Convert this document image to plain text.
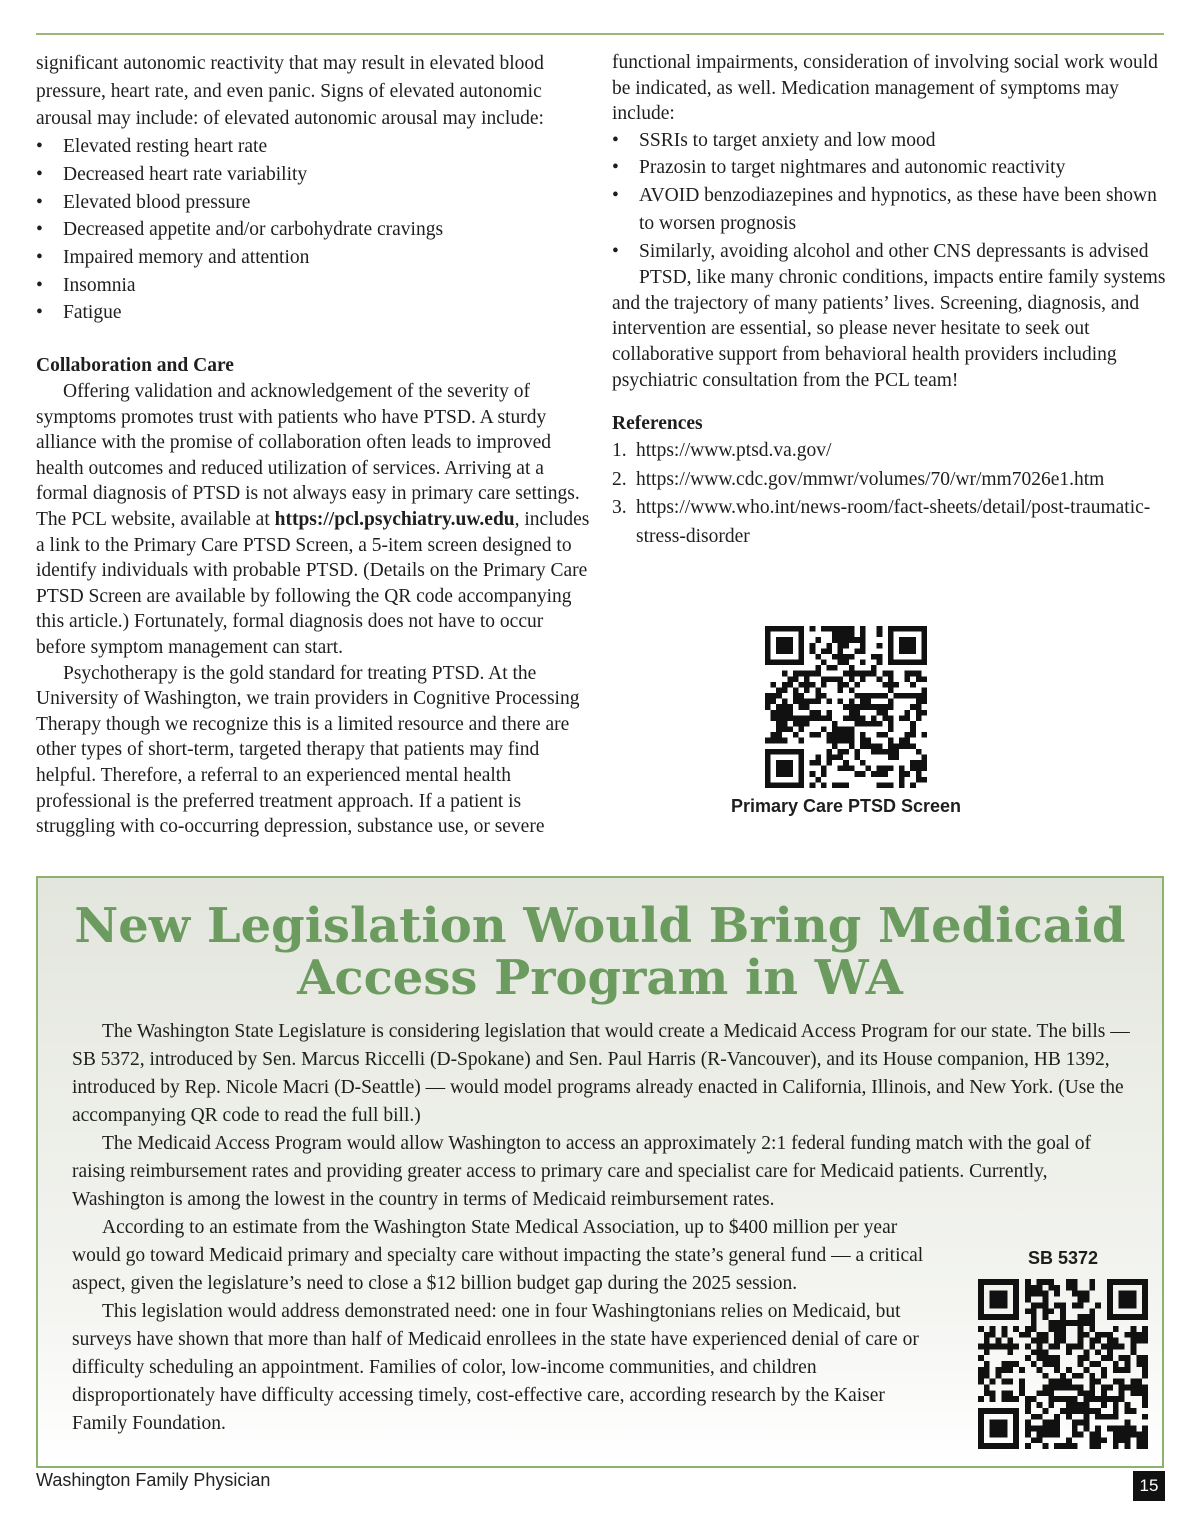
significant autonomic reactivity that may result in elevated blood pressure, heart rate, and even panic. Signs of elevated autonomic arousal may include: of elevated autonomic arousal may include:

• Elevated resting heart rate
• Decreased heart rate variability
• Elevated blood pressure
• Decreased appetite and/or carbohydrate cravings
• Impaired memory and attention
• Insomnia
• Fatigue
Collaboration and Care

Offering validation and acknowledgement of the severity of symptoms promotes trust with patients who have PTSD. A sturdy alliance with the promise of collaboration often leads to improved health outcomes and reduced utilization of services. Arriving at a formal diagnosis of PTSD is not always easy in primary care settings. The PCL website, available at https://pcl.psychiatry.uw.edu, includes a link to the Primary Care PTSD Screen, a 5-item screen designed to identify individuals with probable PTSD. (Details on the Primary Care PTSD Screen are available by following the QR code accompanying this article.) Fortunately, formal diagnosis does not have to occur before symptom management can start.

Psychotherapy is the gold standard for treating PTSD. At the University of Washington, we train providers in Cognitive Processing Therapy though we recognize this is a limited resource and there are other types of short-term, targeted therapy that patients may find helpful. Therefore, a referral to an experienced mental health professional is the preferred treatment approach. If a patient is struggling with co-occurring depression, substance use, or severe

functional impairments, consideration of involving social work would be indicated, as well. Medication management of symptoms may include:

• SSRIs to target anxiety and low mood
• Prazosin to target nightmares and autonomic reactivity
• AVOID benzodiazepines and hypnotics, as these have been shown to worsen prognosis
• Similarly, avoiding alcohol and other CNS depressants is advised

PTSD, like many chronic conditions, impacts entire family systems and the trajectory of many patients’ lives. Screening, diagnosis, and intervention are essential, so please never hesitate to seek out collaborative support from behavioral health providers including psychiatric consultation from the PCL team!

References
1. https://www.ptsd.va.gov/
2. https://www.cdc.gov/mmwr/volumes/70/wr/mm7026e1.htm
3. https://www.who.int/news-room/fact-sheets/detail/post-traumatic-stress-disorder
Primary Care PTSD Screen
New Legislation Would Bring Medicaid
Access Program in WA

The Washington State Legislature is considering legislation that would create a Medicaid Access Program for our state. The bills — SB 5372, introduced by Sen. Marcus Riccelli (D-Spokane) and Sen. Paul Harris (R-Vancouver), and its House companion, HB 1392, introduced by Rep. Nicole Macri (D-Seattle) — would model programs already enacted in California, Illinois, and New York. (Use the accompanying QR code to read the full bill.)

The Medicaid Access Program would allow Washington to access an approximately 2:1 federal funding match with the goal of raising reimbursement rates and providing greater access to primary care and specialist care for Medicaid patients. Currently, Washington is among the lowest in the country in terms of Medicaid reimbursement rates.

According to an estimate from the Washington State Medical Association, up to $400 million per year would go toward Medicaid primary and specialty care without impacting the state’s general fund — a critical aspect, given the legislature’s need to close a $12 billion budget gap during the 2025 session.

This legislation would address demonstrated need: one in four Washingtonians relies on Medicaid, but surveys have shown that more than half of Medicaid enrollees in the state have experienced denial of care or difficulty scheduling an appointment. Families of color, low-income communities, and children disproportionately have difficulty accessing timely, cost-effective care, according research by the Kaiser Family Foundation.

SB 5372
Washington Family Physician	15
